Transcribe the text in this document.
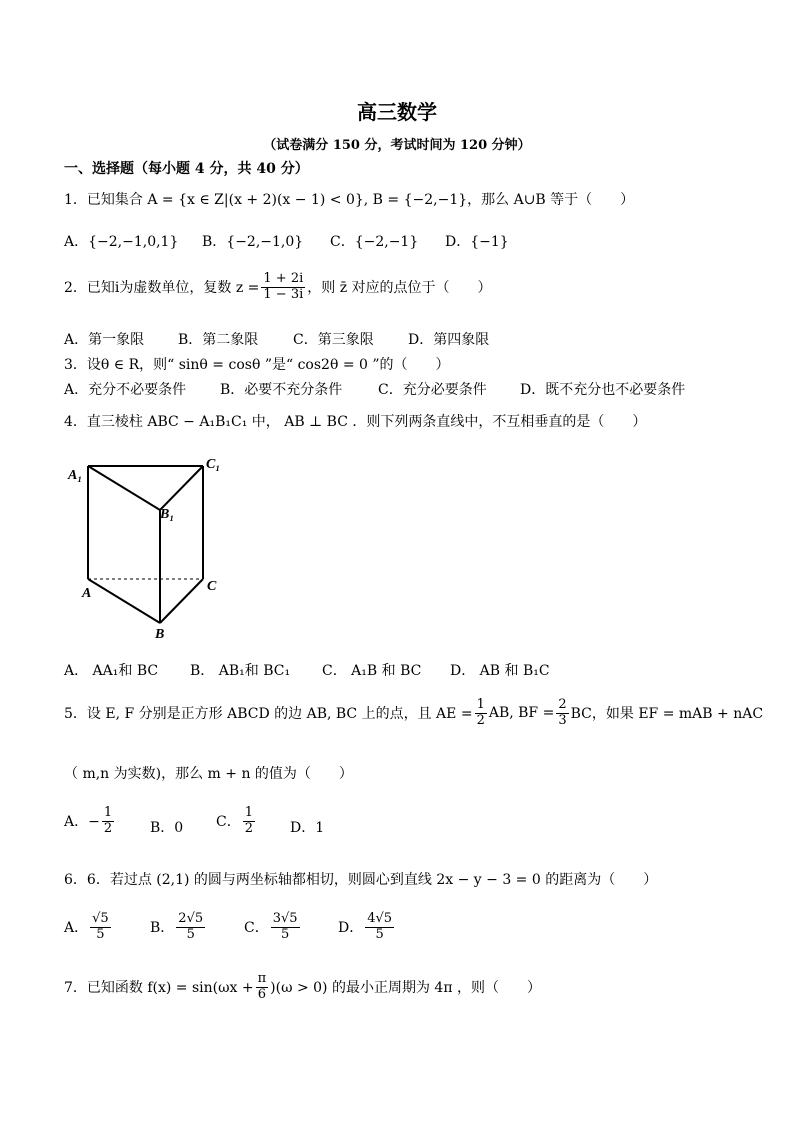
高三数学
（试卷满分 150 分，考试时间为 120 分钟）
一、选择题（每小题 4 分，共 40 分）
1．已知集合 A = {x ∈ Z|(x + 2)(x − 1) < 0}, B = {−2,−1}，那么 A∪B 等于（　　）
A．{−2,−1,0,1} B．{−2,−1,0} C．{−2,−1} D．{−1}
2．已知i为虚数单位，复数 $z = \frac{1 + 2i}{1 - 3i}$ ，则 z̄ 对应的点位于（　　）
A．第一象限 B．第二象限 C．第三象限 D．第四象限
3．设θ ∈ R，则“ sinθ = cosθ ”是“ cos2θ = 0 ”的（　　）
A．充分不必要条件 B．必要不充分条件	C．充分必要条件 D．既不充分也不必要条件
4．直三棱柱 ABC − A₁B₁C₁ 中， AB ⊥ BC ．则下列两条直线中，不互相垂直的是（　　）
A₁
C₁
B₁
A	C
B
A． AA₁和 BC B． AB₁和 BC₁ C． A₁B 和 BC D． AB 和 B₁C
5．设 E, F 分别是正方形 ABCD 的边 AB, BC 上的点，且 AE = $\frac{1}{2}$ AB, BF = $\frac{2}{3}$ BC，如果 EF = mAB + nAC
（ m,n 为实数)，那么 m + n 的值为（　　）
A．− $\frac{1}{2}$	B．0 C． $\frac{1}{2}$	D．1
6．6．若过点 (2,1) 的圆与两坐标轴都相切，则圆心到直线 2x − y − 3 = 0 的距离为（　　）
A． $\frac{√5}{5}$	B． $\frac{2√5}{5}$	C． $\frac{3√5}{5}$	D． $\frac{4√5}{5}$
7．已知函数 $f(x) = \sin(\omega x + \frac{\pi}{6} )(\omega > 0)$ 的最小正周期为 4π ，则（　　）
